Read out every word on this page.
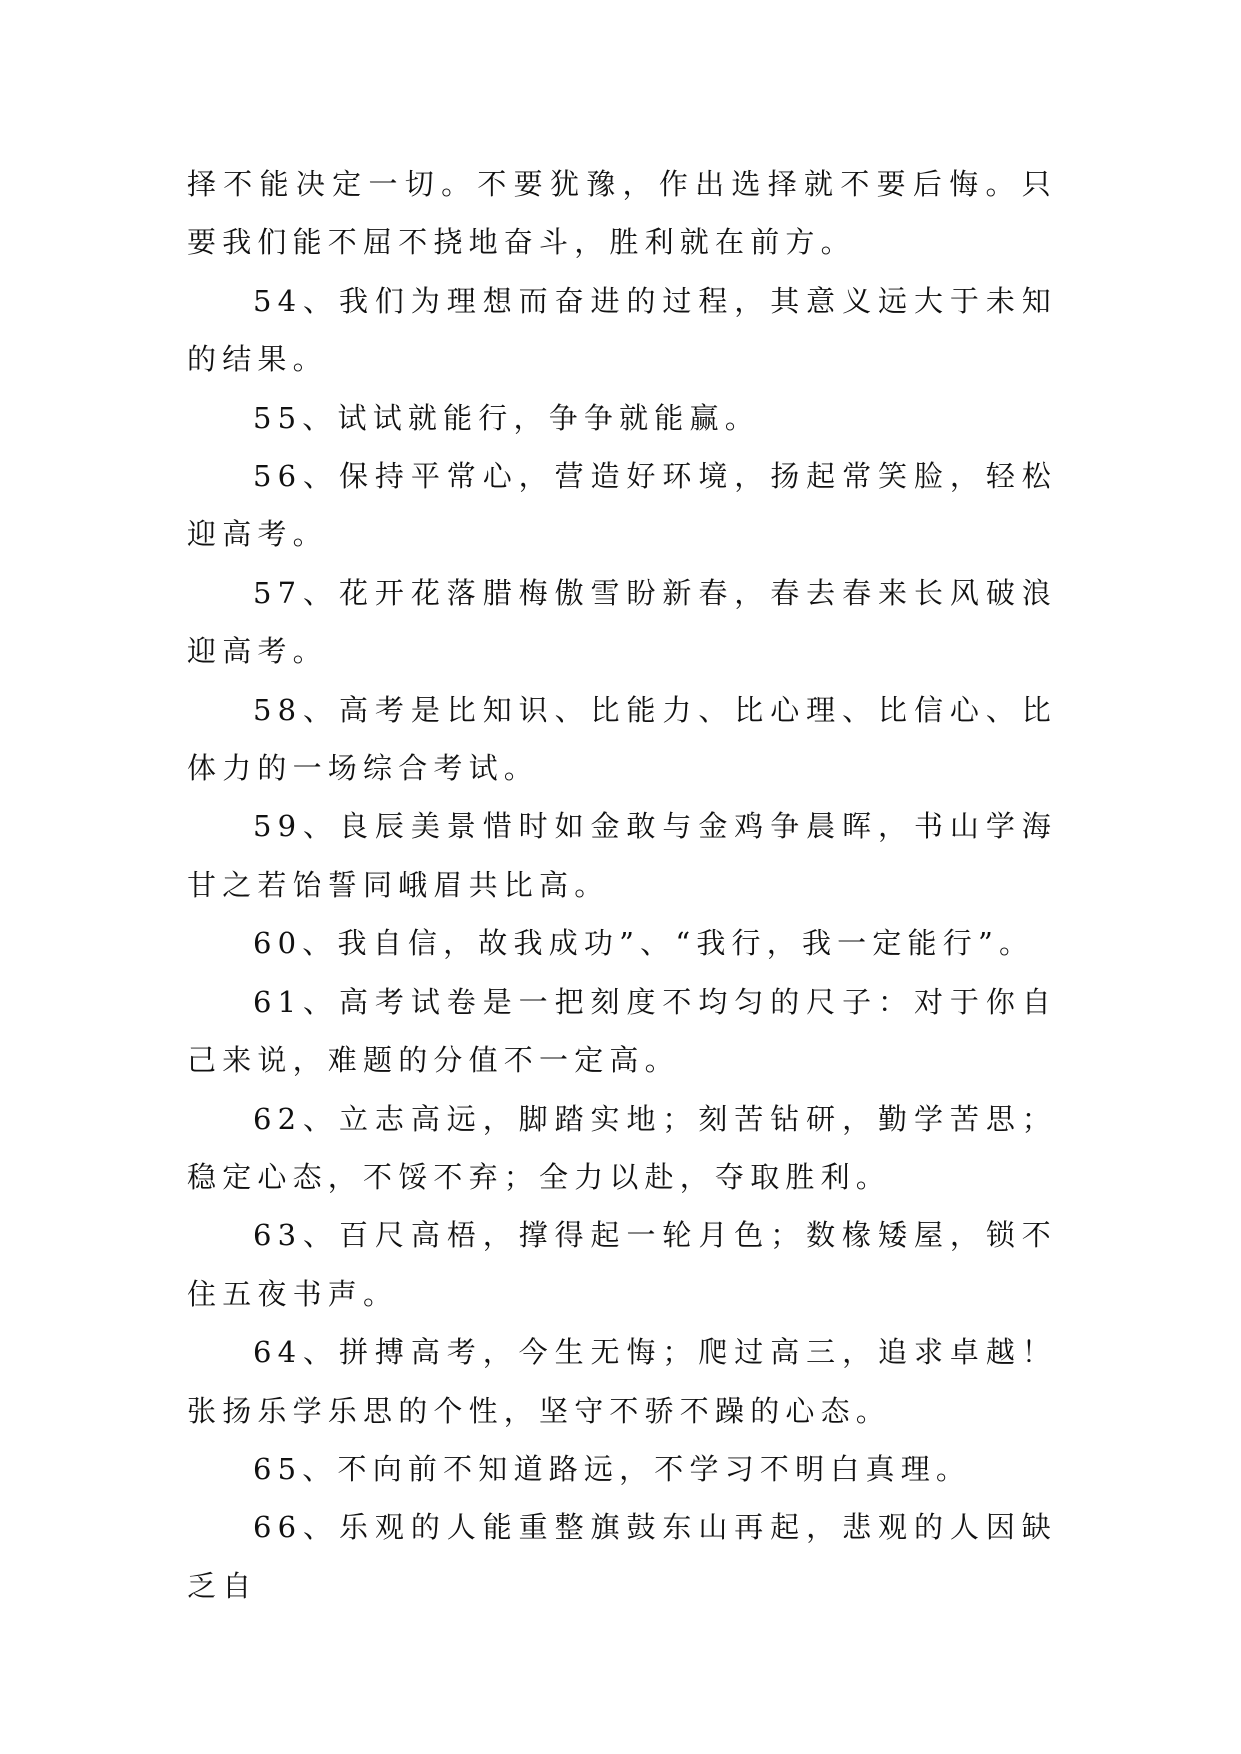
择不能决定一切。不要犹豫，作出选择就不要后悔。只要我们能不屈不挠地奋斗，胜利就在前方。

54、我们为理想而奋进的过程，其意义远大于未知的结果。

55、试试就能行，争争就能赢。

56、保持平常心，营造好环境，扬起常笑脸，轻松迎高考。

57、花开花落腊梅傲雪盼新春，春去春来长风破浪迎高考。

58、高考是比知识、比能力、比心理、比信心、比体力的一场综合考试。

59、良辰美景惜时如金敢与金鸡争晨晖，书山学海甘之若饴誓同峨眉共比高。

60、我自信，故我成功”、“我行，我一定能行”。

61、高考试卷是一把刻度不均匀的尺子：对于你自己来说，难题的分值不一定高。

62、立志高远，脚踏实地；刻苦钻研，勤学苦思；稳定心态，不馁不弃；全力以赴，夺取胜利。

63、百尺高梧，撑得起一轮月色；数椽矮屋，锁不住五夜书声。

64、拼搏高考，今生无悔；爬过高三，追求卓越！张扬乐学乐思的个性，坚守不骄不躁的心态。

65、不向前不知道路远，不学习不明白真理。

66、乐观的人能重整旗鼓东山再起，悲观的人因缺乏自
